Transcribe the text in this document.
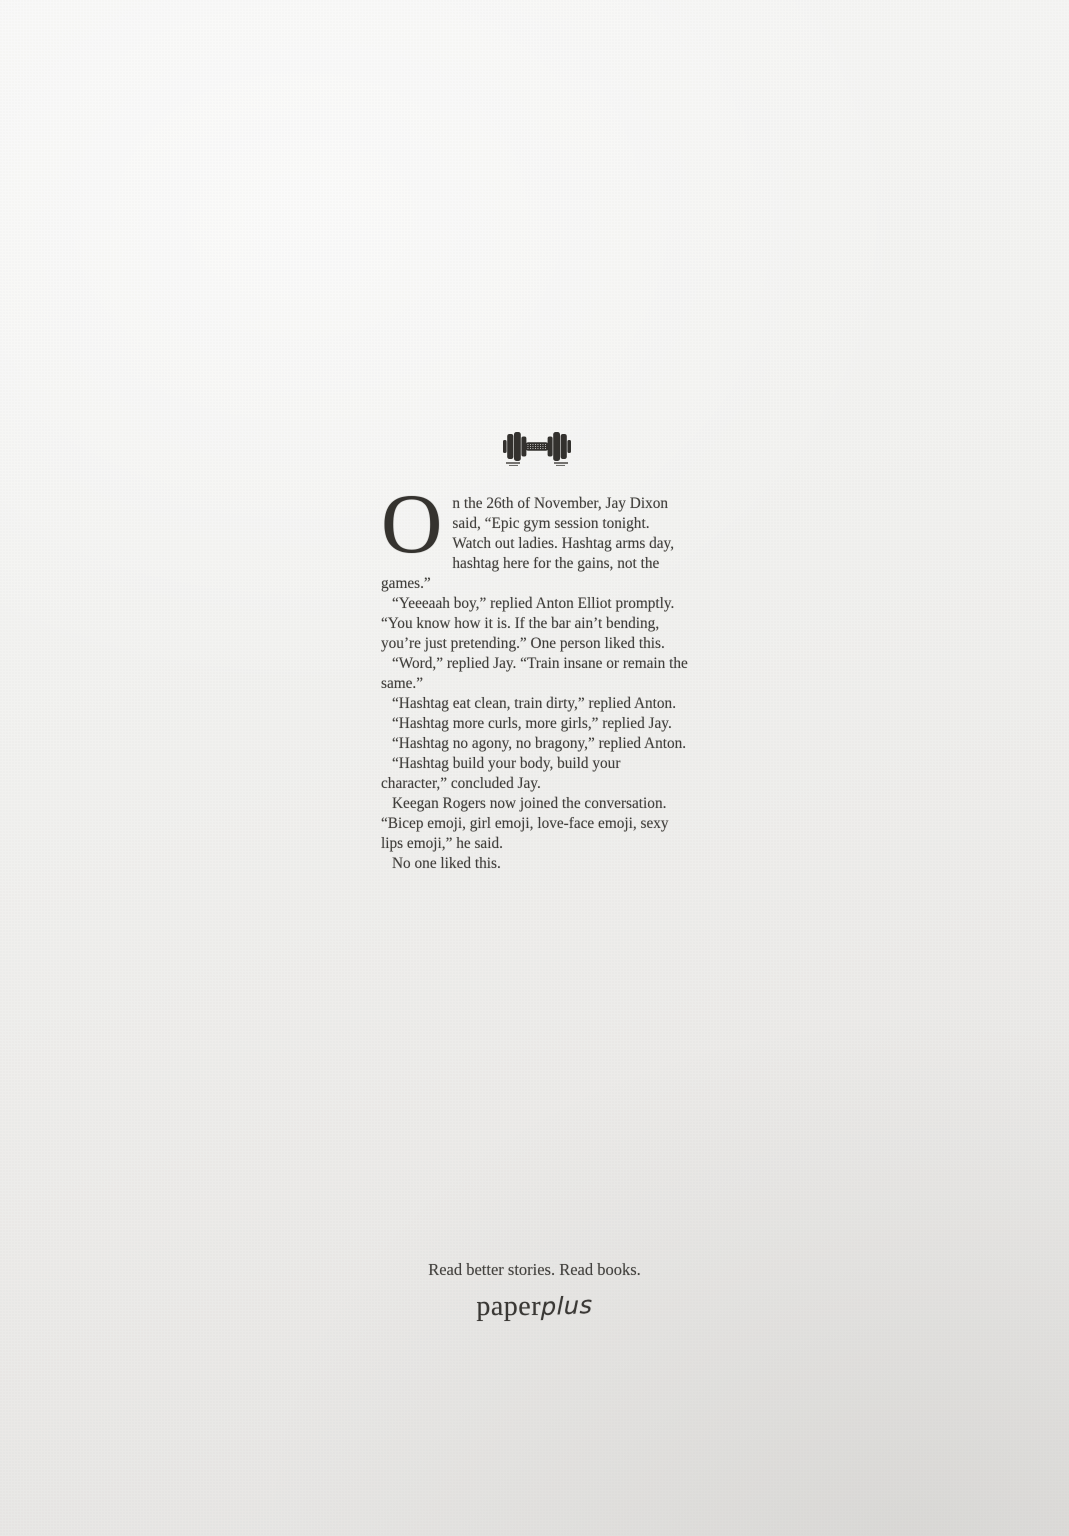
On the 26th of November, Jay Dixon said, “Epic gym session tonight. Watch out ladies. Hashtag arms day, hashtag here for the gains, not the games.”

“Yeeeaah boy,” replied Anton Elliot promptly. “You know how it is. If the bar ain’t bending, you’re just pretending.” One person liked this.

“Word,” replied Jay. “Train insane or remain the same.”

“Hashtag eat clean, train dirty,” replied Anton.

“Hashtag more curls, more girls,” replied Jay.

“Hashtag no agony, no bragony,” replied Anton.

“Hashtag build your body, build your character,” concluded Jay.

Keegan Rogers now joined the conversation. “Bicep emoji, girl emoji, love-face emoji, sexy lips emoji,” he said.

No one liked this.

Read better stories. Read books.
paperplus
